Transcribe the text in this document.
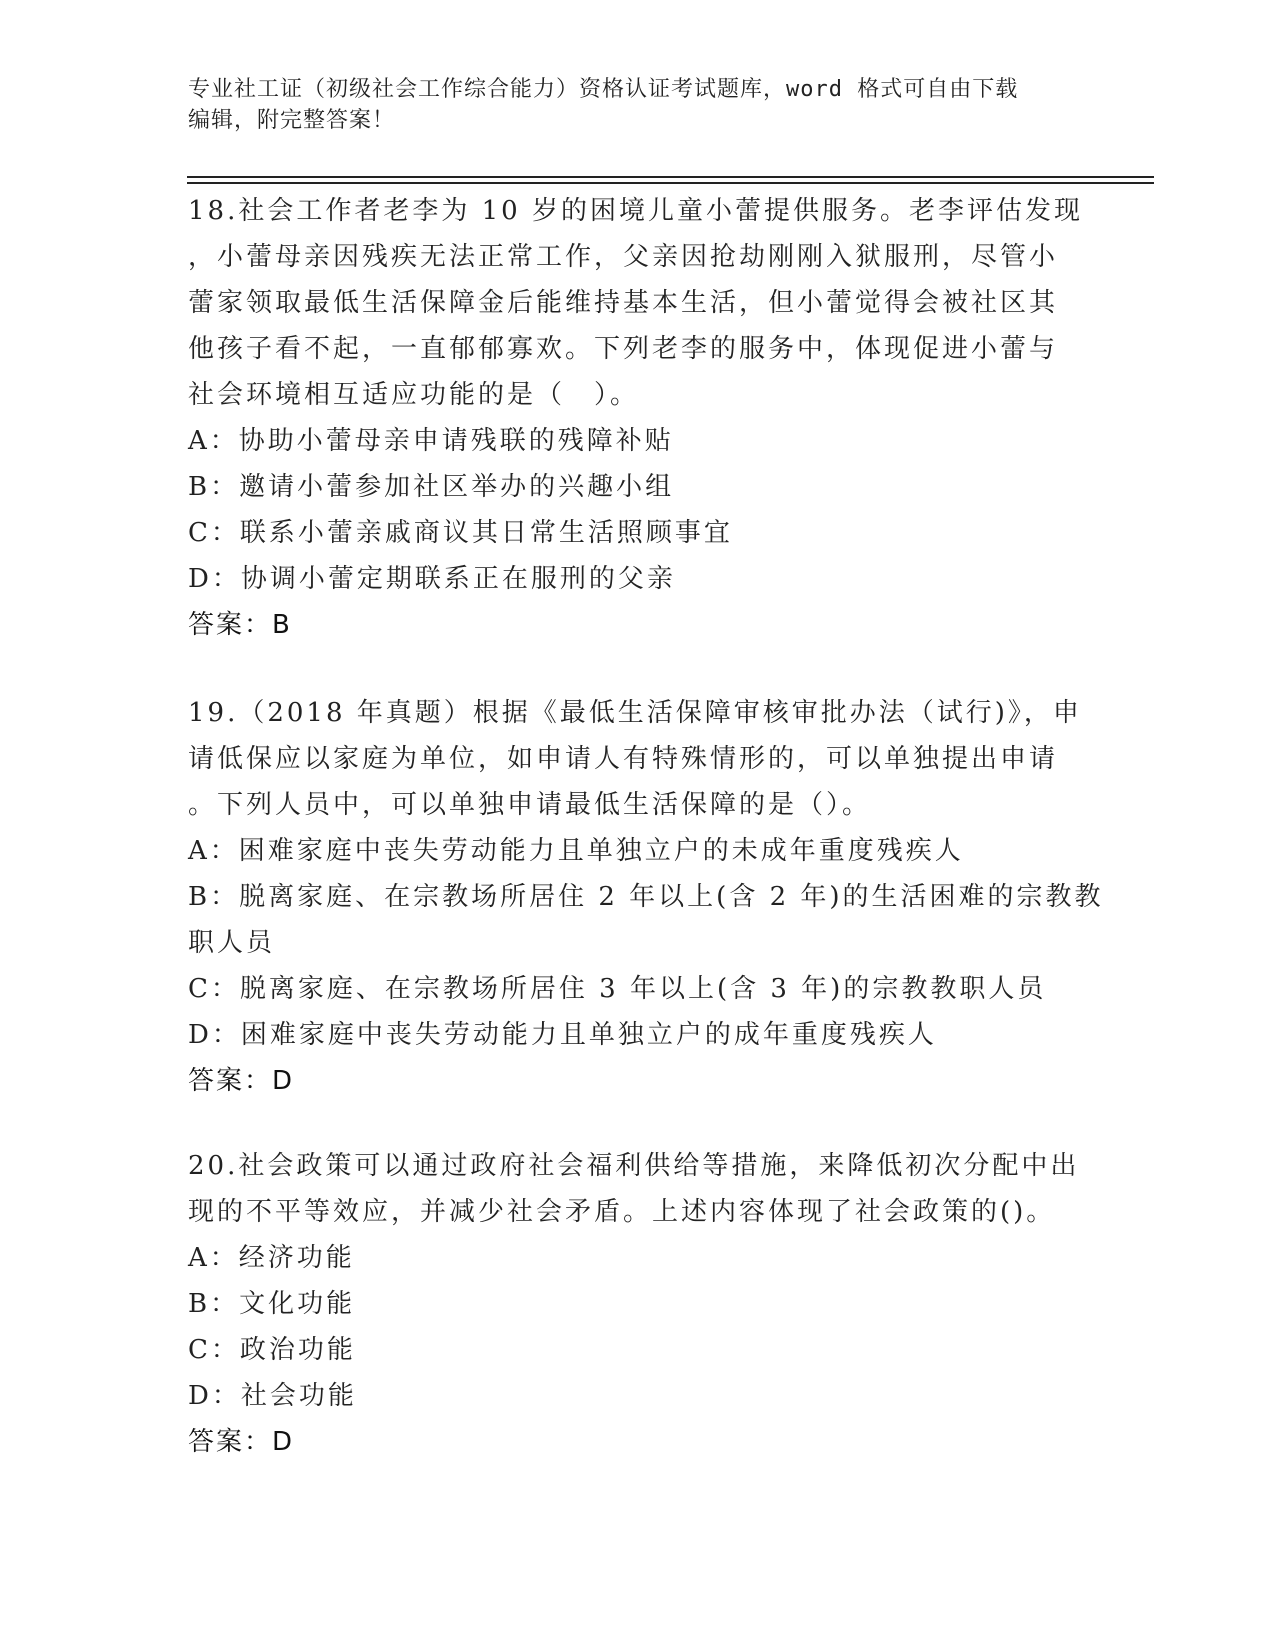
专业社工证（初级社会工作综合能力）资格认证考试题库，word 格式可自由下载
编辑，附完整答案！
18.社会工作者老李为 10 岁的困境儿童小蕾提供服务。老李评估发现
，小蕾母亲因残疾无法正常工作，父亲因抢劫刚刚入狱服刑，尽管小
蕾家领取最低生活保障金后能维持基本生活，但小蕾觉得会被社区其
他孩子看不起，一直郁郁寡欢。下列老李的服务中，体现促进小蕾与
社会环境相互适应功能的是（　）。
A：协助小蕾母亲申请残联的残障补贴
B：邀请小蕾参加社区举办的兴趣小组
C：联系小蕾亲戚商议其日常生活照顾事宜
D：协调小蕾定期联系正在服刑的父亲
答案：B
19.（2018 年真题）根据《最低生活保障审核审批办法（试行)》，申
请低保应以家庭为单位，如申请人有特殊情形的，可以单独提出申请
。下列人员中，可以单独申请最低生活保障的是（）。
A：困难家庭中丧失劳动能力且单独立户的未成年重度残疾人
B：脱离家庭、在宗教场所居住 2 年以上(含 2 年)的生活困难的宗教教
职人员
C：脱离家庭、在宗教场所居住 3 年以上(含 3 年)的宗教教职人员
D：困难家庭中丧失劳动能力且单独立户的成年重度残疾人
答案：D
20.社会政策可以通过政府社会福利供给等措施，来降低初次分配中出
现的不平等效应，并减少社会矛盾。上述内容体现了社会政策的()。
A：经济功能
B：文化功能
C：政治功能
D：社会功能
答案：D
